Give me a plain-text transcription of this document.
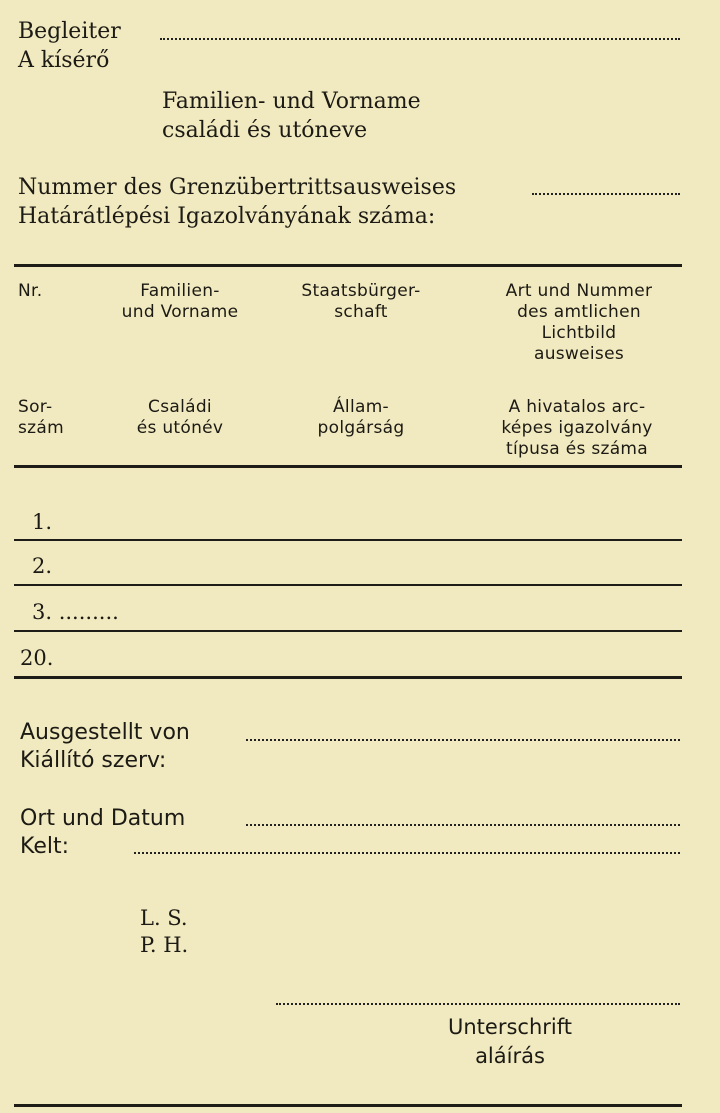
Begleiter
A kísérő
Familien- und Vorname
családi és utóneve
Nummer des Grenzübertrittsausweises
Határátlépési Igazolványának száma:
Nr.	Familien-
und Vorname
Staatsbürger-
schaft
Art und Nummer
des amtlichen
Lichtbild
ausweises
Sor-
szám
Családi
és utónév
Állam-
polgárság
A hivatalos arc-
képes igazolvány
típusa és száma
1.
2.
3. .........
20.
Ausgestellt von
Kiállító szerv:
Ort und Datum
Kelt:
L. S.
P. H.
Unterschrift
aláírás
